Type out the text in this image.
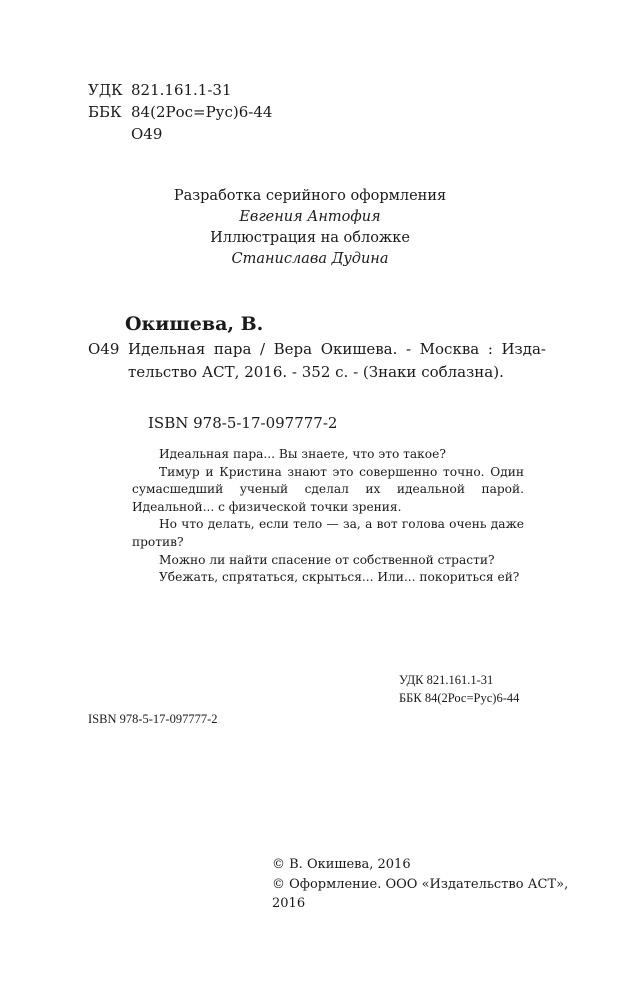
УДК 821.161.1-31
ББК 84(2Рос=Рус)6-44
О49
Разработка серийного оформления
Евгения Антофия
Иллюстрация на обложке
Станислава Дудина
Окишева, В.
О49 Идельная пара / Вера Окишева. - Москва : Изда-
тельство АСТ, 2016. - 352 с. - (Знаки соблазна).
ISBN 978-5-17-097777-2

Идеальная пара... Вы знаете, что это такое?

Тимур и Кристина знают это совершенно точно. Один сумасшедший ученый сделал их идеальной парой. Идеальной... с физической точки зрения.

Но что делать, если тело — за, а вот голова очень даже против?

Можно ли найти спасение от собственной страсти?

Убежать, спрятаться, скрыться... Или... покориться ей?

УДК 821.161.1-31
ББК 84(2Рос=Рус)6-44
ISBN 978-5-17-097777-2
© В. Окишева, 2016
© Оформление. ООО «Издательство АСТ»,
2016
